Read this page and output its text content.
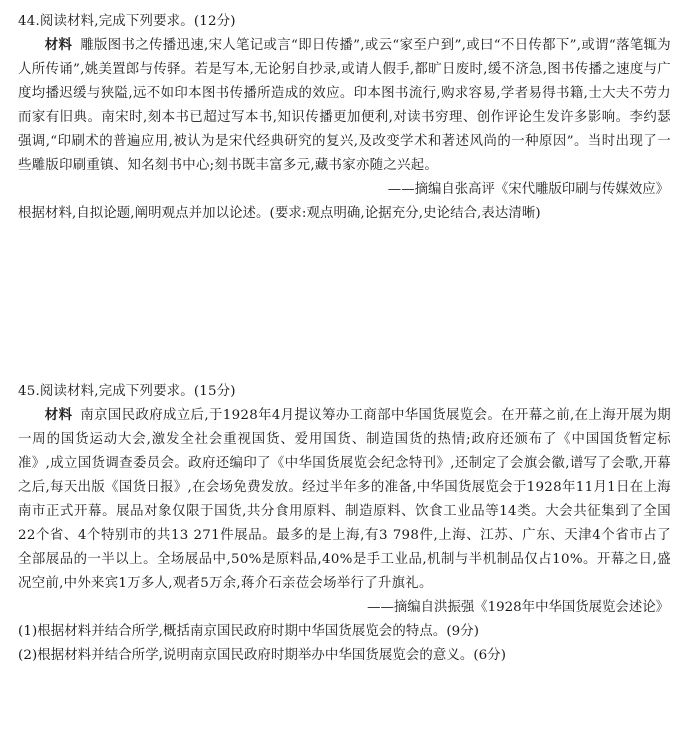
44.阅读材料,完成下列要求。(12分)
材料 雕版图书之传播迅速,宋人笔记或言“即日传播”,或云“家至户到”,或曰“不日传都下”,或谓“落笔辄为人所传诵”,姚美置郎与传驿。若是写本,无论躬自抄录,或请人假手,都旷日废时,缓不济急,图书传播之速度与广度均播迟缓与狭隘,远不如印本图书传播所造成的效应。印本图书流行,购求容易,学者易得书籍,士大夫不劳力而家有旧典。南宋时,刻本书已超过写本书,知识传播更加便利,对读书穷理、创作评论生发许多影响。李约瑟强调,“印刷术的普遍应用,被认为是宋代经典研究的复兴,及改变学术和著述风尚的一种原因”。当时出现了一些雕版印刷重镇、知名刻书中心;刻书既丰富多元,藏书家亦随之兴起。
——摘编自张高评《宋代雕版印刷与传媒效应》
根据材料,自拟论题,阐明观点并加以论述。(要求:观点明确,论据充分,史论结合,表达清晰)
45.阅读材料,完成下列要求。(15分)
材料 南京国民政府成立后,于1928年4月提议筹办工商部中华国货展览会。在开幕之前,在上海开展为期一周的国货运动大会,激发全社会重视国货、爱用国货、制造国货的热情;政府还颁布了《中国国货暂定标准》,成立国货调查委员会。政府还编印了《中华国货展览会纪念特刊》,还制定了会旗会徽,谱写了会歌,开幕之后,每天出版《国货日报》,在会场免费发放。经过半年多的准备,中华国货展览会于1928年11月1日在上海南市正式开幕。展品对象仅限于国货,共分食用原料、制造原料、饮食工业品等14类。大会共征集到了全国22个省、4个特别市的共13 271件展品。最多的是上海,有3 798件,上海、江苏、广东、天津4个省市占了全部展品的一半以上。全场展品中,50%是原料品,40%是手工业品,机制与半机制品仅占10%。开幕之日,盛况空前,中外来宾1万多人,观者5万余,蒋介石亲莅会场举行了升旗礼。
——摘编自洪振强《1928年中华国货展览会述论》
(1)根据材料并结合所学,概括南京国民政府时期中华国货展览会的特点。(9分)
(2)根据材料并结合所学,说明南京国民政府时期举办中华国货展览会的意义。(6分)
